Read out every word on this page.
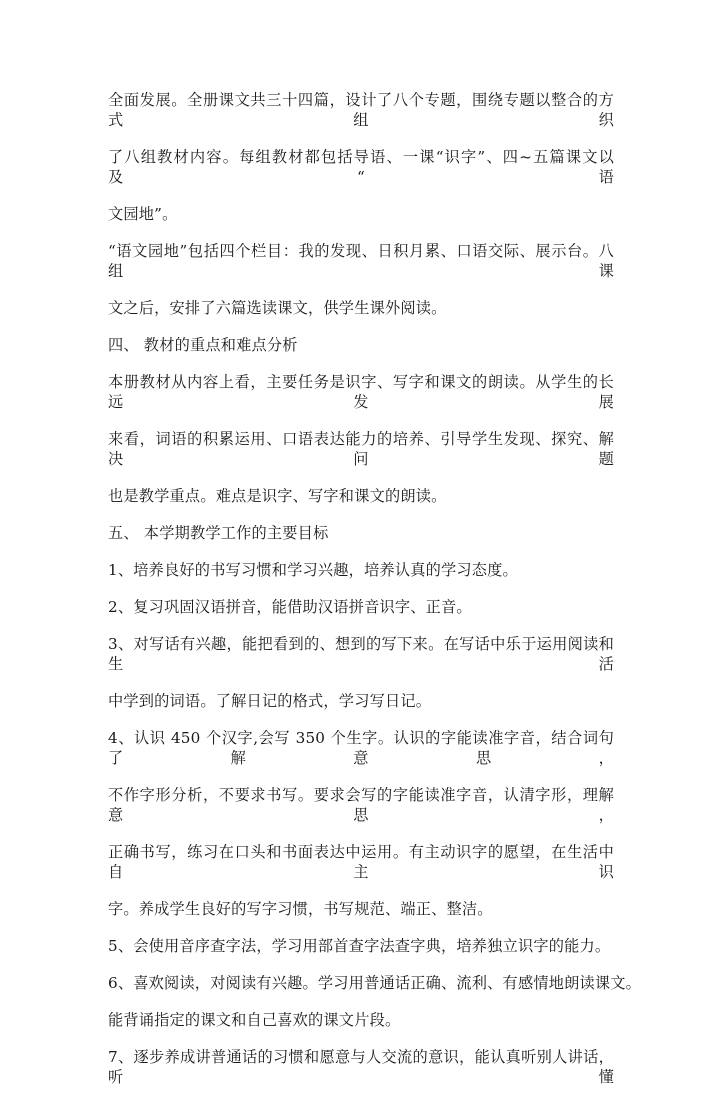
全面发展。全册课文共三十四篇，设计了八个专题，围绕专题以整合的方式组织
了八组教材内容。每组教材都包括导语、一课“识字”、四~五篇课文以及“语
文园地”。
“语文园地”包括四个栏目：我的发现、日积月累、口语交际、展示台。八组课
文之后，安排了六篇选读课文，供学生课外阅读。
四、 教材的重点和难点分析
本册教材从内容上看，主要任务是识字、写字和课文的朗读。从学生的长远发展
来看，词语的积累运用、口语表达能力的培养、引导学生发现、探究、解决问题
也是教学重点。难点是识字、写字和课文的朗读。
五、 本学期教学工作的主要目标
1、培养良好的书写习惯和学习兴趣，培养认真的学习态度。
2、复习巩固汉语拼音，能借助汉语拼音识字、正音。
3、对写话有兴趣，能把看到的、想到的写下来。在写话中乐于运用阅读和生活
中学到的词语。了解日记的格式，学习写日记。
4、认识 450 个汉字,会写 350 个生字。认识的字能读准字音，结合词句了解意思，
不作字形分析，不要求书写。要求会写的字能读准字音，认清字形，理解意思，
正确书写，练习在口头和书面表达中运用。有主动识字的愿望，在生活中自主识
字。养成学生良好的写字习惯，书写规范、端正、整洁。
5、会使用音序查字法，学习用部首查字法查字典，培养独立识字的能力。
6、喜欢阅读，对阅读有兴趣。学习用普通话正确、流利、有感情地朗读课文。
能背诵指定的课文和自己喜欢的课文片段。
7、逐步养成讲普通话的习惯和愿意与人交流的意识，能认真听别人讲话，听懂
